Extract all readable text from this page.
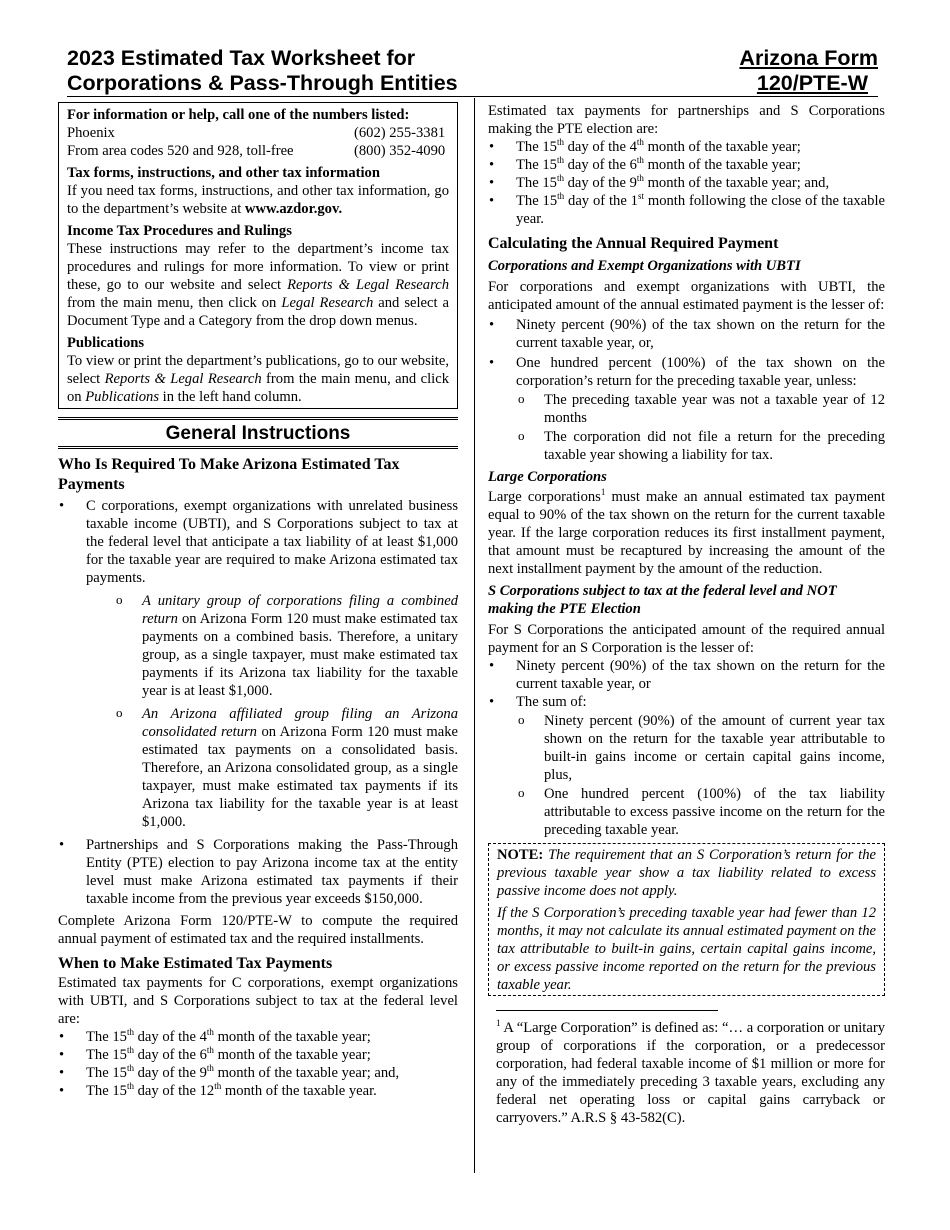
2023 Estimated Tax Worksheet for
Corporations & Pass-Through Entities
Arizona Form
120/PTE-W
For information or help, call one of the numbers listed:
Phoenix	(602) 255-3381
From area codes 520 and 928, toll-free	(800) 352-4090
Tax forms, instructions, and other tax information

If you need tax forms, instructions, and other tax information, go to the department’s website at www.azdor.gov.

Income Tax Procedures and Rulings

These instructions may refer to the department’s income tax procedures and rulings for more information. To view or print these, go to our website and select Reports & Legal Research from the main menu, then click on Legal Research and select a Document Type and a Category from the drop down menus.

Publications

To view or print the department’s publications, go to our website, select Reports & Legal Research from the main menu, and click on Publications in the left hand column.

General Instructions
Who Is Required To Make Arizona Estimated Tax Payments
• C corporations, exempt organizations with unrelated business taxable income (UBTI), and S Corporations subject to tax at the federal level that anticipate a tax liability of at least $1,000 for the taxable year are required to make Arizona estimated tax payments.
o A unitary group of corporations filing a combined return on Arizona Form 120 must make estimated tax payments on a combined basis. Therefore, a unitary group, as a single taxpayer, must make estimated tax payments if its Arizona tax liability for the taxable year is at least $1,000.
o An Arizona affiliated group filing an Arizona consolidated return on Arizona Form 120 must make estimated tax payments on a consolidated basis. Therefore, an Arizona consolidated group, as a single taxpayer, must make estimated tax payments if its Arizona tax liability for the taxable year is at least $1,000.
• Partnerships and S Corporations making the Pass-Through Entity (PTE) election to pay Arizona income tax at the entity level must make Arizona estimated tax payments if their taxable income from the previous year exceeds $150,000.

Complete Arizona Form 120/PTE-W to compute the required annual payment of estimated tax and the required installments.

When to Make Estimated Tax Payments

Estimated tax payments for C corporations, exempt organizations with UBTI, and S Corporations subject to tax at the federal level are:

• The 15th day of the 4th month of the taxable year;
• The 15th day of the 6th month of the taxable year;
• The 15th day of the 9th month of the taxable year; and,
• The 15th day of the 12th month of the taxable year.

Estimated tax payments for partnerships and S Corporations making the PTE election are:

• The 15th day of the 4th month of the taxable year;
• The 15th day of the 6th month of the taxable year;
• The 15th day of the 9th month of the taxable year; and,
• The 15th day of the 1st month following the close of the taxable year.
Calculating the Annual Required Payment
Corporations and Exempt Organizations with UBTI

For corporations and exempt organizations with UBTI, the anticipated amount of the annual estimated payment is the lesser of:

• Ninety percent (90%) of the tax shown on the return for the current taxable year, or,
• One hundred percent (100%) of the tax shown on the corporation’s return for the preceding taxable year, unless:
o The preceding taxable year was not a taxable year of 12 months
o The corporation did not file a return for the preceding taxable year showing a liability for tax.
Large Corporations

Large corporations$^1$ must make an annual estimated tax payment equal to 90% of the tax shown on the return for the current taxable year. If the large corporation reduces its first installment payment, that amount must be recaptured by increasing the amount of the next installment payment by the amount of the reduction.

S Corporations subject to tax at the federal level and NOT making the PTE Election

For S Corporations the anticipated amount of the required annual payment for an S Corporation is the lesser of:

• Ninety percent (90%) of the tax shown on the return for the current taxable year, or
• The sum of:
o Ninety percent (90%) of the amount of current year tax shown on the return for the taxable year attributable to built-in gains income or certain capital gains income, plus,
o One hundred percent (100%) of the tax liability attributable to excess passive income on the return for the preceding taxable year.

NOTE: The requirement that an S Corporation’s return for the previous taxable year show a tax liability related to excess passive income does not apply.

If the S Corporation’s preceding taxable year had fewer than 12 months, it may not calculate its annual estimated payment on the tax attributable to built-in gains, certain capital gains income, or excess passive income reported on the return for the previous taxable year.

$^1$ A “Large Corporation” is defined as: “… a corporation or unitary group of corporations if the corporation, or a predecessor corporation, had federal taxable income of $1 million or more for any of the immediately preceding 3 taxable years, excluding any federal net operating loss or capital gains carryback or carryovers.” A.R.S § 43-582(C).
